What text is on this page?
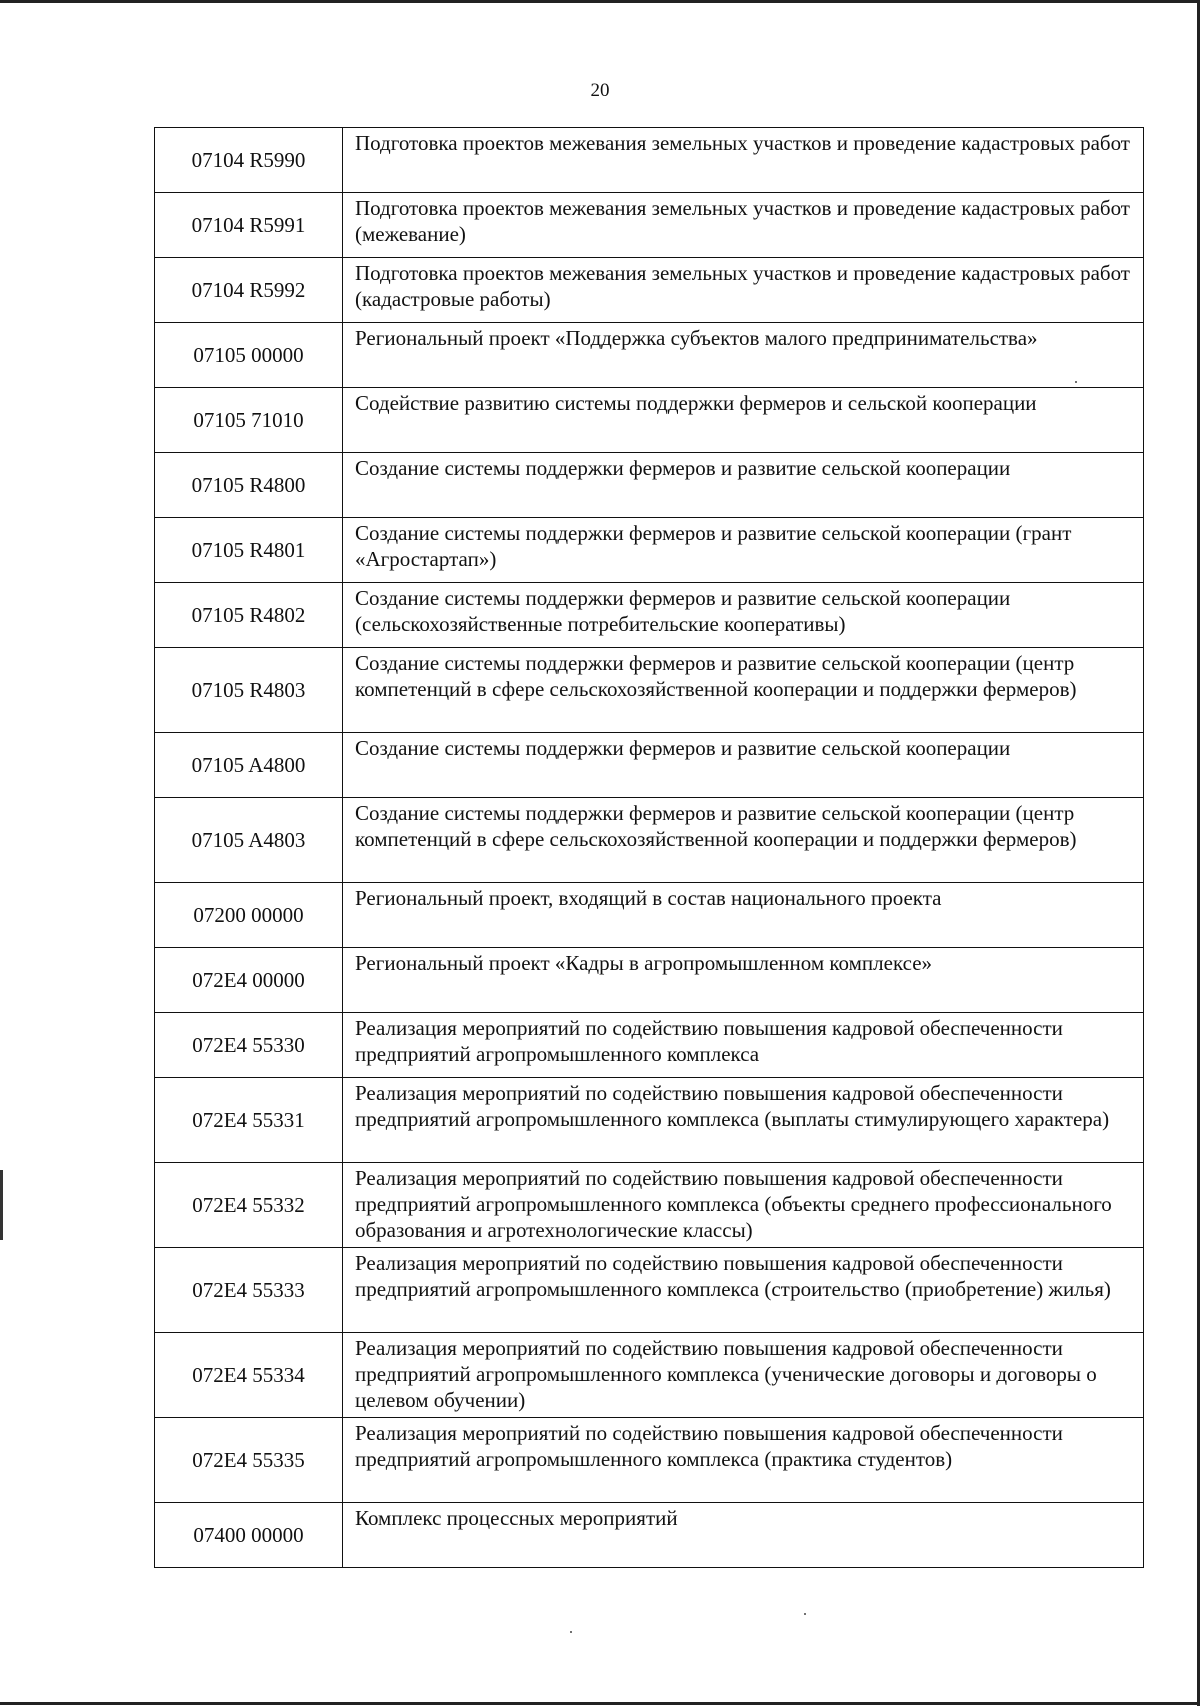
20
07104 R5990	Подготовка проектов межевания земельных участков и проведение кадастровых работ
07104 R5991	Подготовка проектов межевания земельных участков и проведение кадастровых работ (межевание)
07104 R5992	Подготовка проектов межевания земельных участков и проведение кадастровых работ (кадастровые работы)
07105 00000	Региональный проект «Поддержка субъектов малого предпринимательства»
07105 71010	Содействие развитию системы поддержки фермеров и сельской кооперации
07105 R4800	Создание системы поддержки фермеров и развитие сельской кооперации
07105 R4801	Создание системы поддержки фермеров и развитие сельской кооперации (грант «Агростартап»)
07105 R4802	Создание системы поддержки фермеров и развитие сельской кооперации (сельскохозяйственные потребительские кооперативы)
07105 R4803	Создание системы поддержки фермеров и развитие сельской кооперации (центр компетенций в сфере сельскохозяйственной кооперации и поддержки фермеров)
07105 A4800	Создание системы поддержки фермеров и развитие сельской кооперации
07105 A4803	Создание системы поддержки фермеров и развитие сельской кооперации (центр компетенций в сфере сельскохозяйственной кооперации и поддержки фермеров)
07200 00000	Региональный проект, входящий в состав национального проекта
072E4 00000	Региональный проект «Кадры в агропромышленном комплексе»
072E4 55330	Реализация мероприятий по содействию повышения кадровой обеспеченности предприятий агропромышленного комплекса
072E4 55331	Реализация мероприятий по содействию повышения кадровой обеспеченности предприятий агропромышленного комплекса (выплаты стимулирующего характера)
072E4 55332	Реализация мероприятий по содействию повышения кадровой обеспеченности предприятий агропромышленного комплекса (объекты среднего профессионального образования и агротехнологические классы)
072E4 55333	Реализация мероприятий по содействию повышения кадровой обеспеченности предприятий агропромышленного комплекса (строительство (приобретение) жилья)
072E4 55334	Реализация мероприятий по содействию повышения кадровой обеспеченности предприятий агропромышленного комплекса (ученические договоры и договоры о целевом обучении)
072E4 55335	Реализация мероприятий по содействию повышения кадровой обеспеченности предприятий агропромышленного комплекса (практика студентов)
07400 00000	Комплекс процессных мероприятий
